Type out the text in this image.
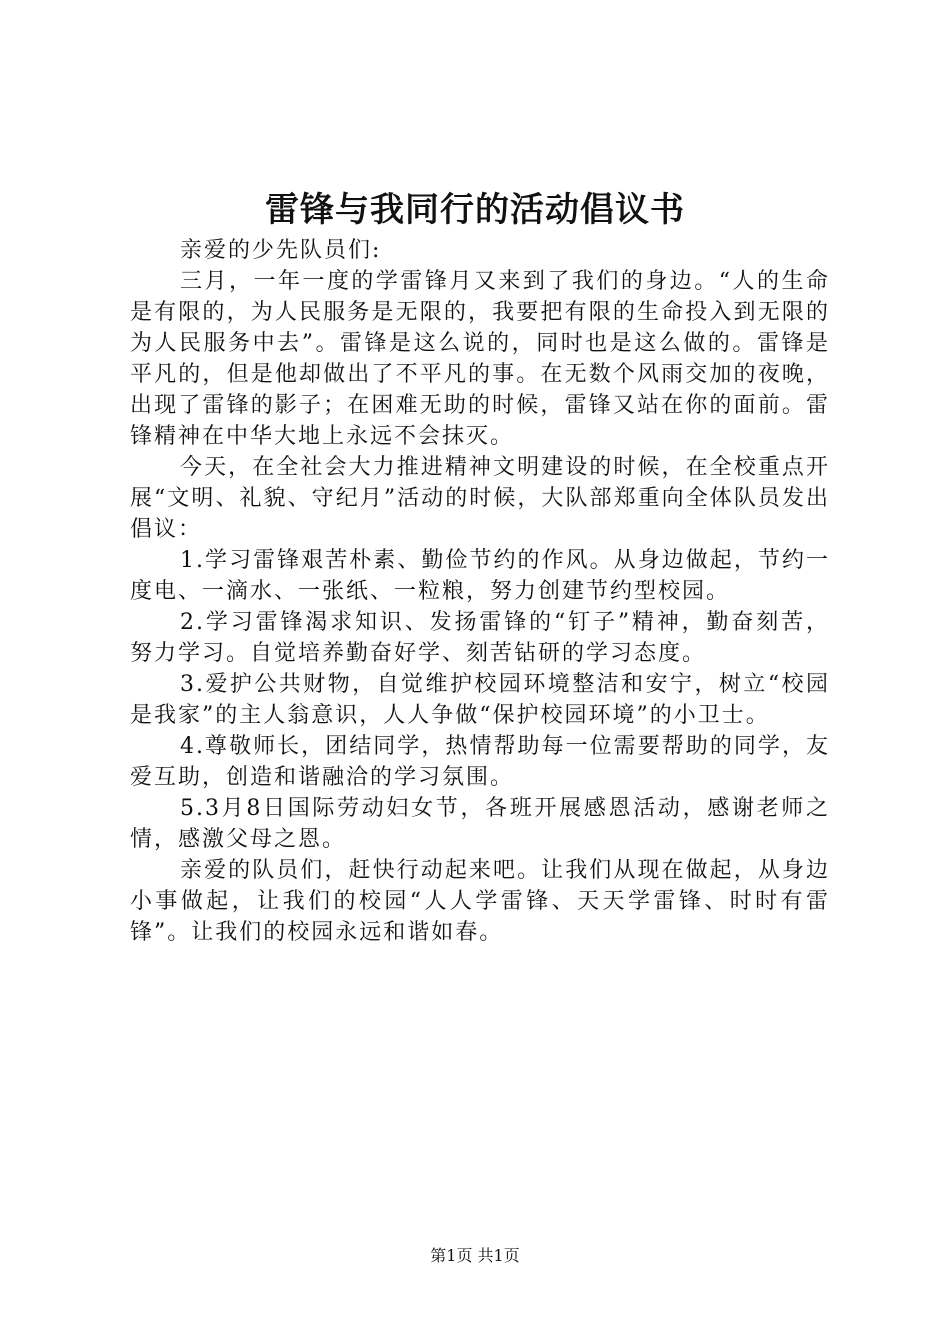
雷锋与我同行的活动倡议书

亲爱的少先队员们:

三月，一年一度的学雷锋月又来到了我们的身边。“人的生命是有限的，为人民服务是无限的，我要把有限的生命投入到无限的为人民服务中去”。雷锋是这么说的，同时也是这么做的。雷锋是平凡的，但是他却做出了不平凡的事。在无数个风雨交加的夜晚，出现了雷锋的影子；在困难无助的时候，雷锋又站在你的面前。雷锋精神在中华大地上永远不会抹灭。

今天，在全社会大力推进精神文明建设的时候，在全校重点开展“文明、礼貌、守纪月”活动的时候，大队部郑重向全体队员发出倡议：

1.学习雷锋艰苦朴素、勤俭节约的作风。从身边做起，节约一度电、一滴水、一张纸、一粒粮，努力创建节约型校园。

2.学习雷锋渴求知识、发扬雷锋的“钉子”精神，勤奋刻苦，努力学习。自觉培养勤奋好学、刻苦钻研的学习态度。

3.爱护公共财物，自觉维护校园环境整洁和安宁，树立“校园是我家”的主人翁意识，人人争做“保护校园环境”的小卫士。

4.尊敬师长，团结同学，热情帮助每一位需要帮助的同学，友爱互助，创造和谐融洽的学习氛围。

5.3月8日国际劳动妇女节，各班开展感恩活动，感谢老师之情，感激父母之恩。

亲爱的队员们，赶快行动起来吧。让我们从现在做起，从身边小事做起，让我们的校园“人人学雷锋、天天学雷锋、时时有雷锋”。让我们的校园永远和谐如春。

第1页 共1页
